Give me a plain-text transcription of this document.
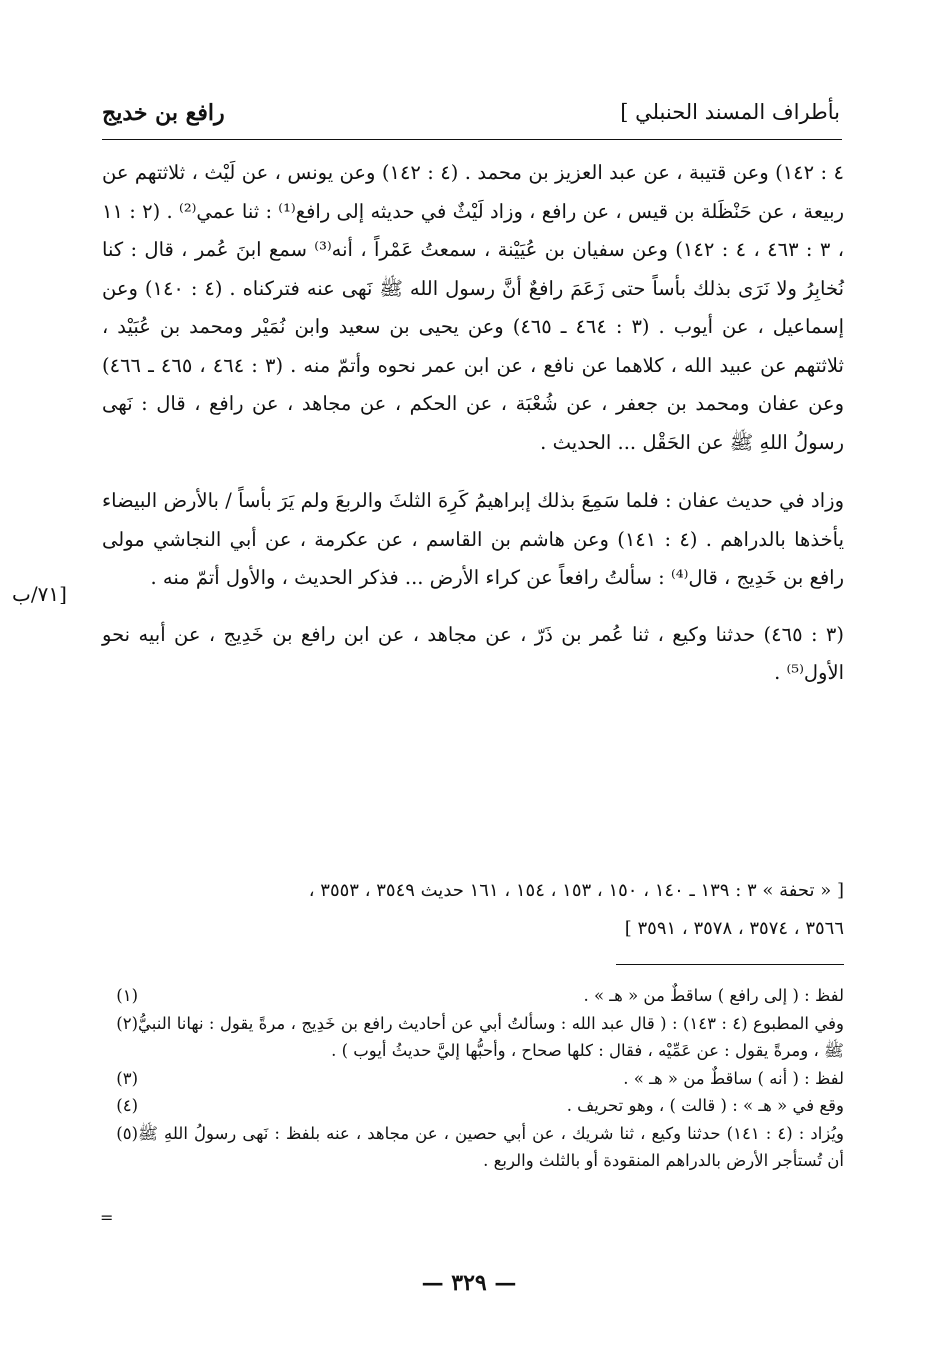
رافع بن خديج	بأطراف المسند الحنبلي ]

٤ : ١٤٢) وعن قتيبة ، عن عبد العزيز بن محمد . (٤ : ١٤٢) وعن يونس ، عن لَيْث ، ثلاثتهم عن ربيعة ، عن حَنْظَلة بن قيس ، عن رافع ، وزاد لَيْثٌ في حديثه إلى رافع⁽¹⁾ : ثنا عمي⁽²⁾ . (٢ : ١١ ، ٣ : ٤٦٣ ، ٤ : ١٤٢) وعن سفيان بن عُيَيْنة ، سمعتُ عَمْراً ، أنه⁽³⁾ سمع ابنَ عُمر ، قال : كنا نُخابِرُ ولا نَرَى بذلك بأساً حتى زَعَمَ رافعٌ أنَّ رسول الله ﷺ نَهى عنه فتركناه . (٤ : ١٤٠) وعن إسماعيل ، عن أيوب . (٣ : ٤٦٤ ـ ٤٦٥) وعن يحيى بن سعيد وابن نُمَيْر ومحمد بن عُبَيْد ، ثلاثتهم عن عبيد الله ، كلاهما عن نافع ، عن ابن عمر نحوه وأتمّ منه . (٣ : ٤٦٤ ، ٤٦٥ ـ ٤٦٦) وعن عفان ومحمد بن جعفر ، عن شُعْبَة ، عن الحكم ، عن مجاهد ، عن رافع ، قال : نَهى رسولُ اللهِ ﷺ عن الحَقْل ... الحديث .

وزاد في حديث عفان : فلما سَمِعَ بذلك إبراهيمُ كَرِهَ الثلثَ والربعَ ولم يَرَ بأساً / بالأرض البيضاء يأخذها بالدراهم . (٤ : ١٤١) وعن هاشم بن القاسم ، عن عكرمة ، عن أبي النجاشي مولى رافع بن خَدِيج ، قال⁽⁴⁾ : سألتُ رافعاً عن كراء الأرض ... فذكر الحديث ، والأول أتمّ منه .

(٣ : ٤٦٥) حدثنا وكيع ، ثنا عُمر بن ذَرّ ، عن مجاهد ، عن ابن رافع بن خَدِيج ، عن أبيه نحو الأول⁽⁵⁾ .

[٧١/ب
[ « تحفة » ٣ : ١٣٩ ـ ١٤٠ ، ١٥٠ ، ١٥٣ ، ١٥٤ ، ١٦١ حديث ٣٥٤٩ ، ٣٥٥٣ ،
٣٥٦٦ ، ٣٥٧٤ ، ٣٥٧٨ ، ٣٥٩١ ]
(١)	لفظ : ( إلى رافع ) ساقطٌ من « هـ » .
(٢) وفي المطبوع (٤ : ١٤٣) : ( قال عبد الله : وسألتُ أبي عن أحاديث رافع بن خَدِيج ، مرةً يقول : نهانا النبيُّ ﷺ ، ومرةً يقول : عن عَمِّيْه ، فقال : كلها صحاح ، وأحبُّها إليَّ حديثُ أيوب ) .
(٣)	لفظ : ( أنه ) ساقطٌ من « هـ » .
(٤)	وقع في « هـ » : ( قالت ) ، وهو تحريف .
(٥) ويُزاد : (٤ : ١٤١) حدثنا وكيع ، ثنا شريك ، عن أبي حصين ، عن مجاهد ، عنه بلفظ : نَهى رسولُ اللهِ ﷺ أن تُستأجر الأرض بالدراهم المنقودة أو بالثلث والربع .
=
— ٣٢٩ —
